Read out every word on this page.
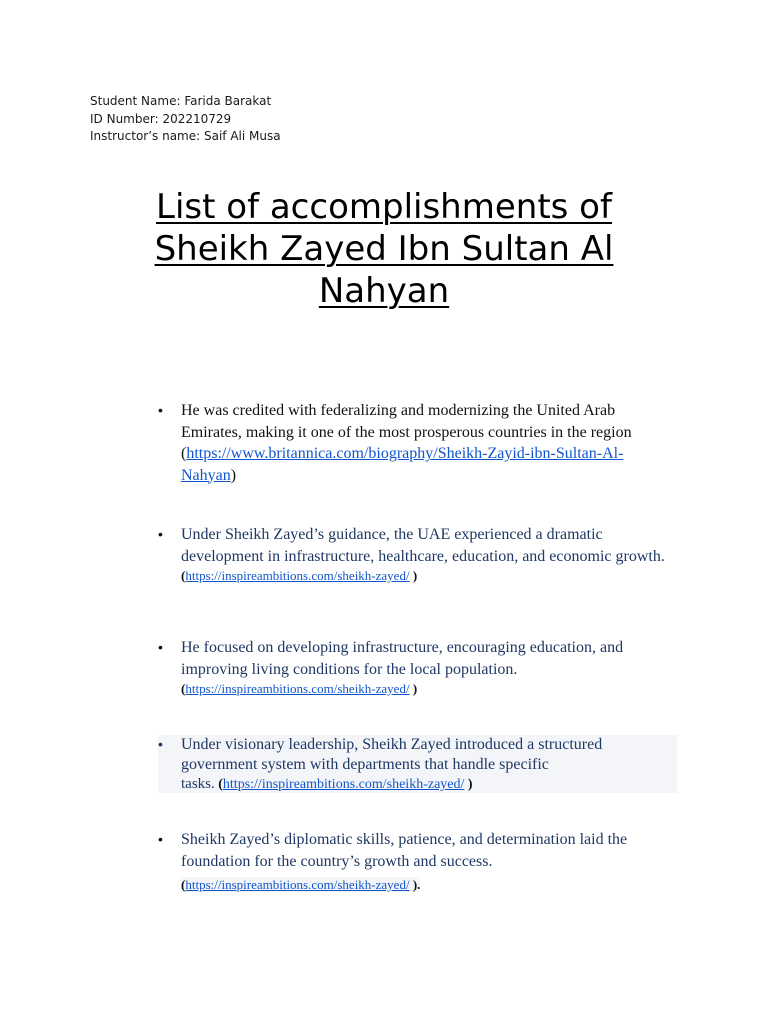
Student Name: Farida Barakat
ID Number: 202210729
Instructor’s name: Saif Ali Musa
List of accomplishments of
Sheikh Zayed Ibn Sultan Al
Nahyan
• He was credited with federalizing and modernizing the United Arab Emirates, making it one of the most prosperous countries in the region
(https://www.britannica.com/biography/Sheikh-Zayid-ibn-Sultan-Al-Nahyan)
• Under Sheikh Zayed’s guidance, the UAE experienced a dramatic development in infrastructure, healthcare, education, and economic growth.
(https://inspireambitions.com/sheikh-zayed/ )
• He focused on developing infrastructure, encouraging education, and improving living conditions for the local population.
(https://inspireambitions.com/sheikh-zayed/ )
• Under visionary leadership, Sheikh Zayed introduced a structured
government system with departments that handle specific
tasks. (https://inspireambitions.com/sheikh-zayed/ )
• Sheikh Zayed’s diplomatic skills, patience, and determination laid the foundation for the country’s growth and success.
(https://inspireambitions.com/sheikh-zayed/ ).
